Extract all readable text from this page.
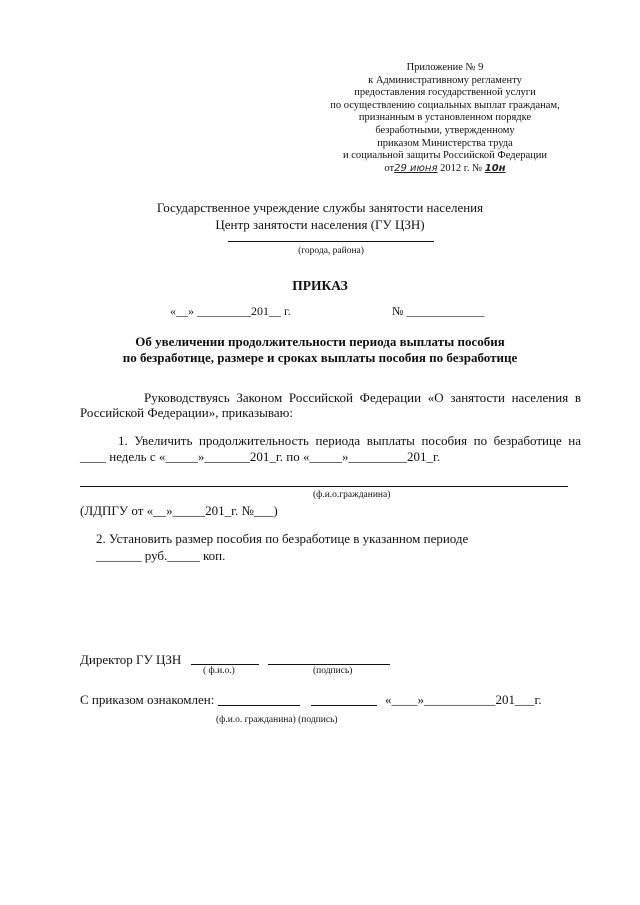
Приложение № 9
к Административному регламенту
предоставления государственной услуги
по осуществлению социальных выплат гражданам,
признанным в установленном порядке
безработными, утвержденному
приказом Министерства труда
и социальной защиты Российской Федерации
от29 июня 2012 г. № 10н
Государственное учреждение службы занятости населения
Центр занятости населения (ГУ ЦЗН)
(города, района)
ПРИКАЗ
«__» _________201__ г.	№ _____________
Об увеличении продолжительности периода выплаты пособия
по безработице, размере и сроках выплаты пособия по безработице
Руководствуясь Законом Российской Федерации «О занятости населения в
Российской Федерации», приказываю:
1. Увеличить продолжительность периода выплаты пособия по безработице на
____ недель с «_____»_______201_г. по «_____»_________201_г.
(ф.и.о.гражданина)
(ЛДПГУ от «__»_____201_г. №___)
2. Установить размер пособия по безработице в указанном периоде
_______ руб._____ коп.
Директор ГУ ЦЗН
( ф.и.о.)	(подпись)
С приказом ознакомлен:	«____»___________201___г.
(ф.и.о. гражданина) (подпись)
